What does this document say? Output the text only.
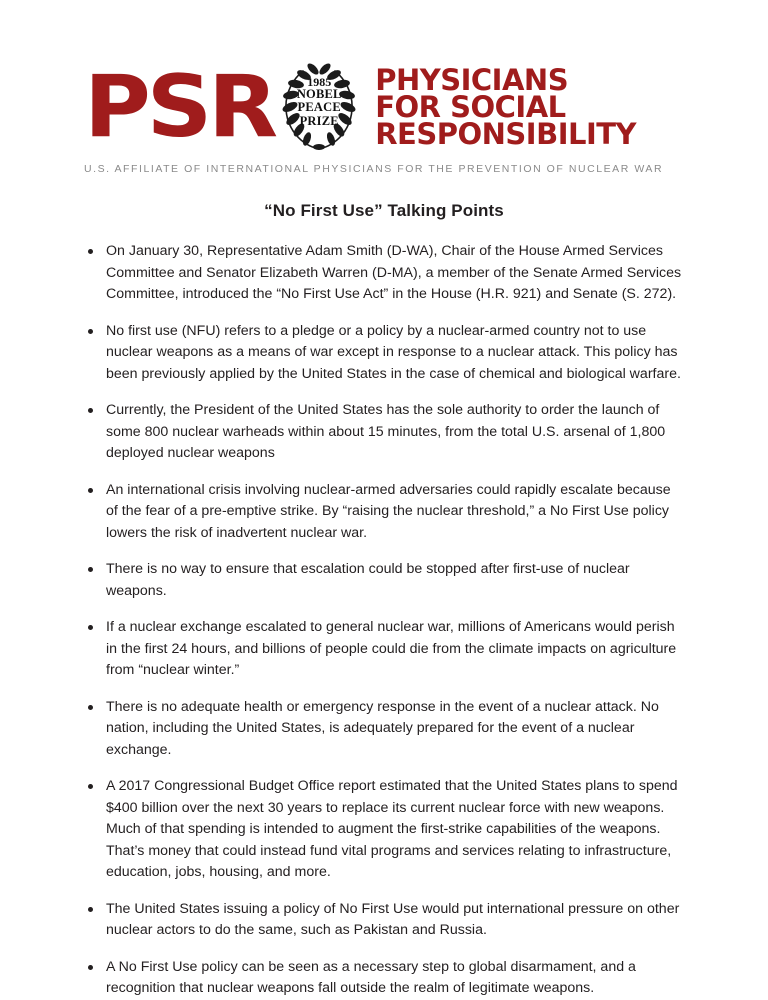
PSR	1985
NOBEL
PEACE
PRIZE
PHYSICIANS
FOR SOCIAL
RESPONSIBILITY
U.S. AFFILIATE OF INTERNATIONAL PHYSICIANS FOR THE PREVENTION OF NUCLEAR WAR
“No First Use” Talking Points
On January 30, Representative Adam Smith (D-WA), Chair of the House Armed Services Committee and Senator Elizabeth Warren (D-MA), a member of the Senate Armed Services Committee, introduced the “No First Use Act” in the House (H.R. 921) and Senate (S. 272).
No first use (NFU) refers to a pledge or a policy by a nuclear-armed country not to use nuclear weapons as a means of war except in response to a nuclear attack. This policy has been previously applied by the United States in the case of chemical and biological warfare.
Currently, the President of the United States has the sole authority to order the launch of some 800 nuclear warheads within about 15 minutes, from the total U.S. arsenal of 1,800 deployed nuclear weapons
An international crisis involving nuclear-armed adversaries could rapidly escalate because of the fear of a pre-emptive strike. By “raising the nuclear threshold,” a No First Use policy lowers the risk of inadvertent nuclear war.
There is no way to ensure that escalation could be stopped after first-use of nuclear weapons.
If a nuclear exchange escalated to general nuclear war, millions of Americans would perish in the first 24 hours, and billions of people could die from the climate impacts on agriculture from “nuclear winter.”
There is no adequate health or emergency response in the event of a nuclear attack. No nation, including the United States, is adequately prepared for the event of a nuclear exchange.
A 2017 Congressional Budget Office report estimated that the United States plans to spend $400 billion over the next 30 years to replace its current nuclear force with new weapons.  Much of that spending is intended to augment the first-strike capabilities of the weapons. That’s money that could instead fund vital programs and services relating to infrastructure, education, jobs, housing, and more.
The United States issuing a policy of No First Use would put international pressure on other nuclear actors to do the same, such as Pakistan and Russia.
A No First Use policy can be seen as a necessary step to global disarmament, and a recognition that nuclear weapons fall outside the realm of legitimate weapons.
